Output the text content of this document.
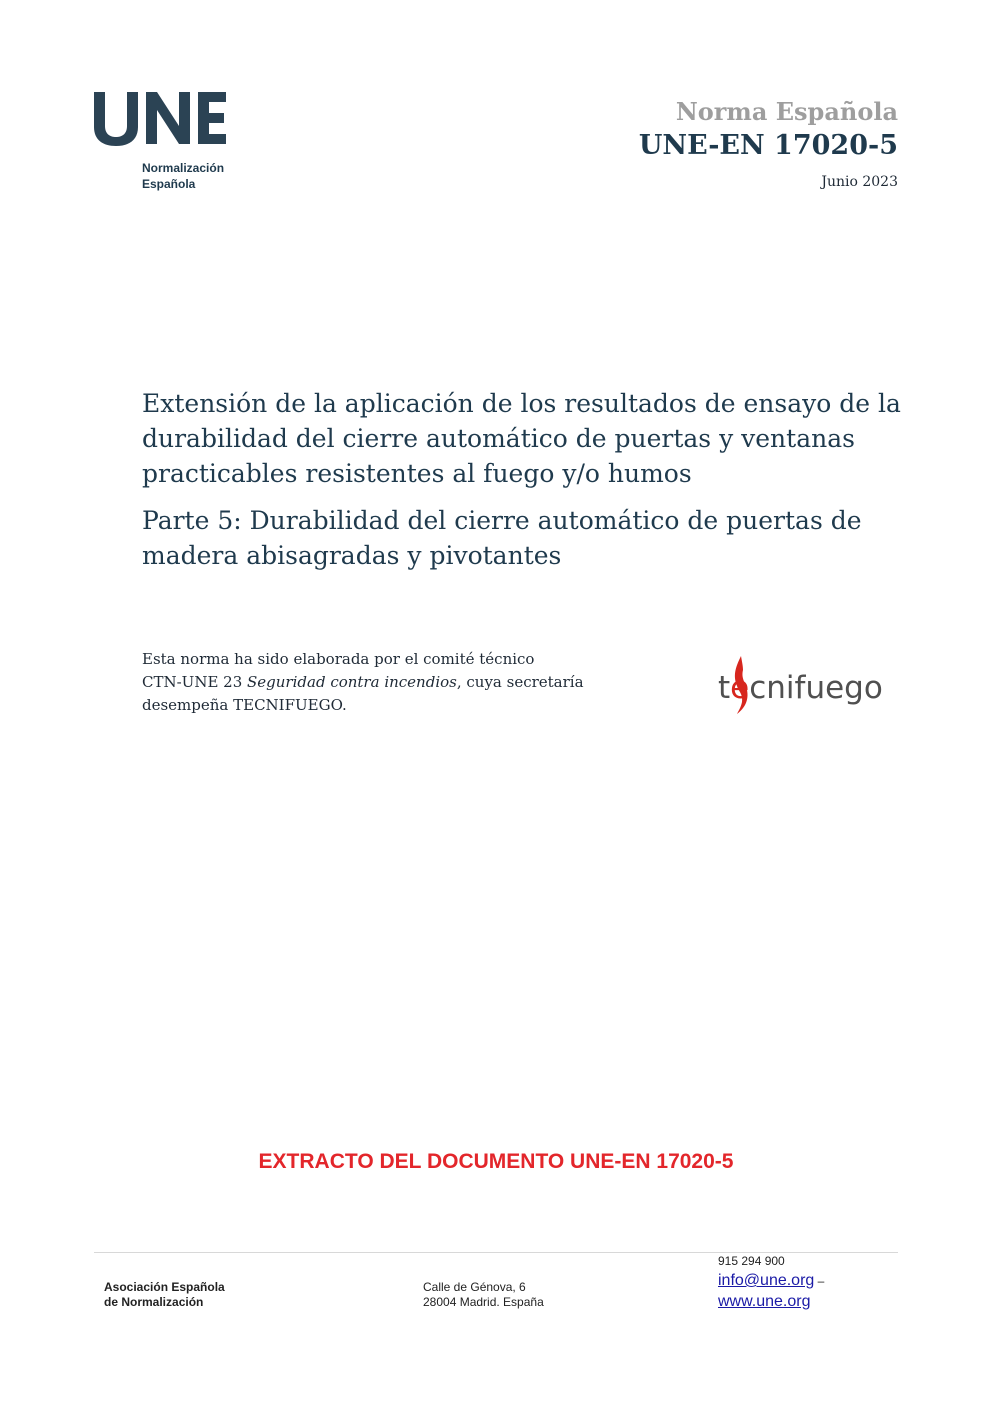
Normalización
Española
Norma Española
UNE-EN 17020-5
Junio 2023
Extensión de la aplicación de los resultados de ensayo de la
durabilidad del cierre automático de puertas y ventanas
practicables resistentes al fuego y/o humos
Parte 5: Durabilidad del cierre automático de puertas de
madera abisagradas y pivotantes
Esta norma ha sido elaborada por el comité técnico
CTN-UNE 23 Seguridad contra incendios, cuya secretaría
desempeña TECNIFUEGO.	tecnifuego
EXTRACTO DEL DOCUMENTO UNE-EN 17020-5
Asociación Española
de Normalización
Calle de Génova, 6
28004 Madrid. España
915 294 900
info@une.org –
www.une.org
